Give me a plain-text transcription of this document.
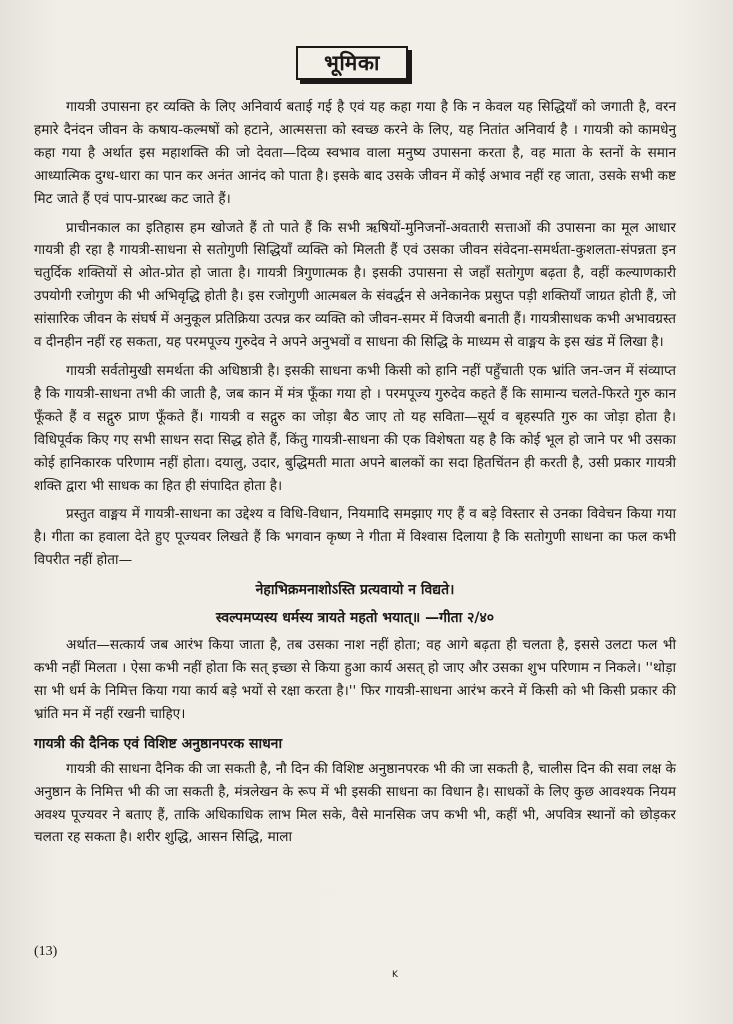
भूमिका

गायत्री उपासना हर व्यक्ति के लिए अनिवार्य बताई गई है एवं यह कहा गया है कि न केवल यह सिद्धियाँ को जगाती है, वरन हमारे दैनंदन जीवन के कषाय-कल्मषों को हटाने, आत्मसत्ता को स्वच्छ करने के लिए, यह नितांत अनिवार्य है । गायत्री को कामधेनु कहा गया है अर्थात इस महाशक्ति की जो देवता—दिव्य स्वभाव वाला मनुष्य उपासना करता है, वह माता के स्तनों के समान आध्यात्मिक दुग्ध-धारा का पान कर अनंत आनंद को पाता है। इसके बाद उसके जीवन में कोई अभाव नहीं रह जाता, उसके सभी कष्ट मिट जाते हैं एवं पाप-प्रारब्ध कट जाते हैं।

प्राचीनकाल का इतिहास हम खोजते हैं तो पाते हैं कि सभी ऋषियों-मुनिजनों-अवतारी सत्ताओं की उपासना का मूल आधार गायत्री ही रहा है गायत्री-साधना से सतोगुणी सिद्धियाँ व्यक्ति को मिलती हैं एवं उसका जीवन संवेदना-समर्थता-कुशलता-संपन्नता इन चतुर्दिक शक्तियों से ओत-प्रोत हो जाता है। गायत्री त्रिगुणात्मक है। इसकी उपासना से जहाँ सतोगुण बढ़ता है, वहीं कल्याणकारी उपयोगी रजोगुण की भी अभिवृद्धि होती है। इस रजोगुणी आत्मबल के संवर्द्धन से अनेकानेक प्रसुप्त पड़ी शक्तियाँ जाग्रत होती हैं, जो सांसारिक जीवन के संघर्ष में अनुकूल प्रतिक्रिया उत्पन्न कर व्यक्ति को जीवन-समर में विजयी बनाती हैं। गायत्रीसाधक कभी अभावग्रस्त व दीनहीन नहीं रह सकता, यह परमपूज्य गुरुदेव ने अपने अनुभवों व साधना की सिद्धि के माध्यम से वाङ्मय के इस खंड में लिखा है।

गायत्री सर्वतोमुखी समर्थता की अधिष्ठात्री है। इसकी साधना कभी किसी को हानि नहीं पहुँचाती एक भ्रांति जन-जन में संव्याप्त है कि गायत्री-साधना तभी की जाती है, जब कान में मंत्र फूँका गया हो । परमपूज्य गुरुदेव कहते हैं कि सामान्य चलते-फिरते गुरु कान फूँकते हैं व सद्गुरु प्राण फूँकते हैं। गायत्री व सद्गुरु का जोड़ा बैठ जाए तो यह सविता—सूर्य व बृहस्पति गुरु का जोड़ा होता है। विधिपूर्वक किए गए सभी साधन सदा सिद्ध होते हैं, किंतु गायत्री-साधना की एक विशेषता यह है कि कोई भूल हो जाने पर भी उसका कोई हानिकारक परिणाम नहीं होता। दयालु, उदार, बुद्धिमती माता अपने बालकों का सदा हितचिंतन ही करती है, उसी प्रकार गायत्री शक्ति द्वारा भी साधक का हित ही संपादित होता है।

प्रस्तुत वाङ्मय में गायत्री-साधना का उद्देश्य व विधि-विधान, नियमादि समझाए गए हैं व बड़े विस्तार से उनका विवेचन किया गया है। गीता का हवाला देते हुए पूज्यवर लिखते हैं कि भगवान कृष्ण ने गीता में विश्वास दिलाया है कि सतोगुणी साधना का फल कभी विपरीत नहीं होता—

नेहाभिक्रमनाशोऽस्ति प्रत्यवायो न विद्यते।
स्वल्पमप्यस्य धर्मस्य त्रायते महतो भयात्॥ —गीता २/४०

अर्थात—सत्कार्य जब आरंभ किया जाता है, तब उसका नाश नहीं होता; वह आगे बढ़ता ही चलता है, इससे उलटा फल भी कभी नहीं मिलता । ऐसा कभी नहीं होता कि सत् इच्छा से किया हुआ कार्य असत् हो जाए और उसका शुभ परिणाम न निकले। ''थोड़ा सा भी धर्म के निमित्त किया गया कार्य बड़े भयों से रक्षा करता है।'' फिर गायत्री-साधना आरंभ करने में किसी को भी किसी प्रकार की भ्रांति मन में नहीं रखनी चाहिए।

गायत्री की दैनिक एवं विशिष्ट अनुष्ठानपरक साधना

गायत्री की साधना दैनिक की जा सकती है, नौ दिन की विशिष्ट अनुष्ठानपरक भी की जा सकती है, चालीस दिन की सवा लक्ष के अनुष्ठान के निमित्त भी की जा सकती है, मंत्रलेखन के रूप में भी इसकी साधना का विधान है। साधकों के लिए कुछ आवश्यक नियम अवश्य पूज्यवर ने बताए हैं, ताकि अधिकाधिक लाभ मिल सके, वैसे मानसिक जप कभी भी, कहीं भी, अपवित्र स्थानों को छोड़कर चलता रह सकता है। शरीर शुद्धि, आसन सिद्धि, माला

(13)
K
